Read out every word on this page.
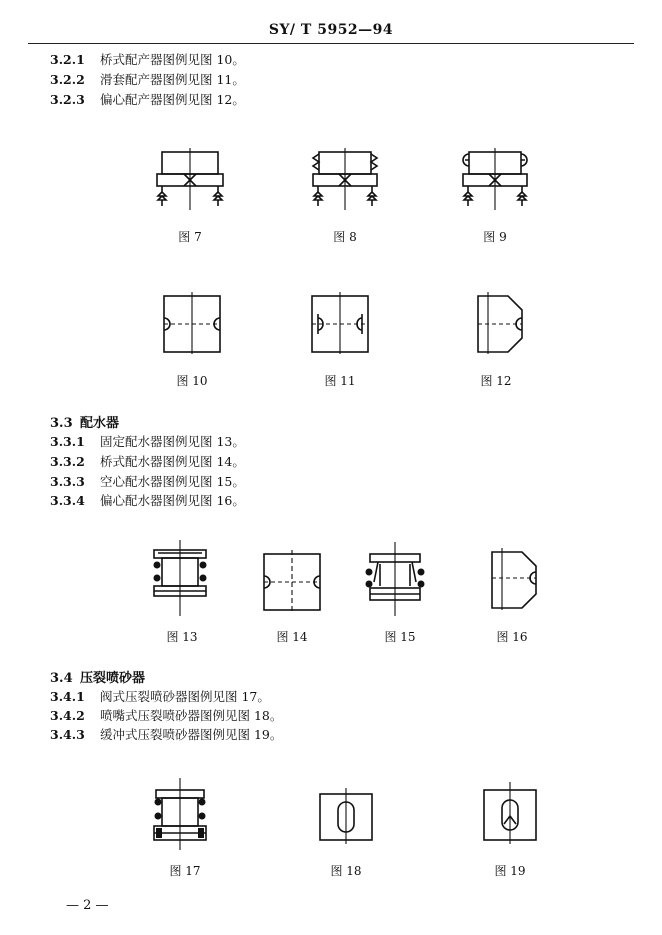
SY/ T 5952—94
3.2.1 桥式配产器图例见图 10。
3.2.2 滑套配产器图例见图 11。
3.2.3 偏心配产器图例见图 12。
图 7	图 8	图 9
图 10	图 11	图 12
3.3 配水器
3.3.1 固定配水器图例见图 13。
3.3.2 桥式配水器图例见图 14。
3.3.3 空心配水器图例见图 15。
3.3.4 偏心配水器图例见图 16。
图 13	图 14	图 15	图 16
3.4 压裂喷砂器
3.4.1 阀式压裂喷砂器图例见图 17。
3.4.2 喷嘴式压裂喷砂器图例见图 18。
3.4.3 缓冲式压裂喷砂器图例见图 19。
图 17	图 18	图 19
— 2 —
